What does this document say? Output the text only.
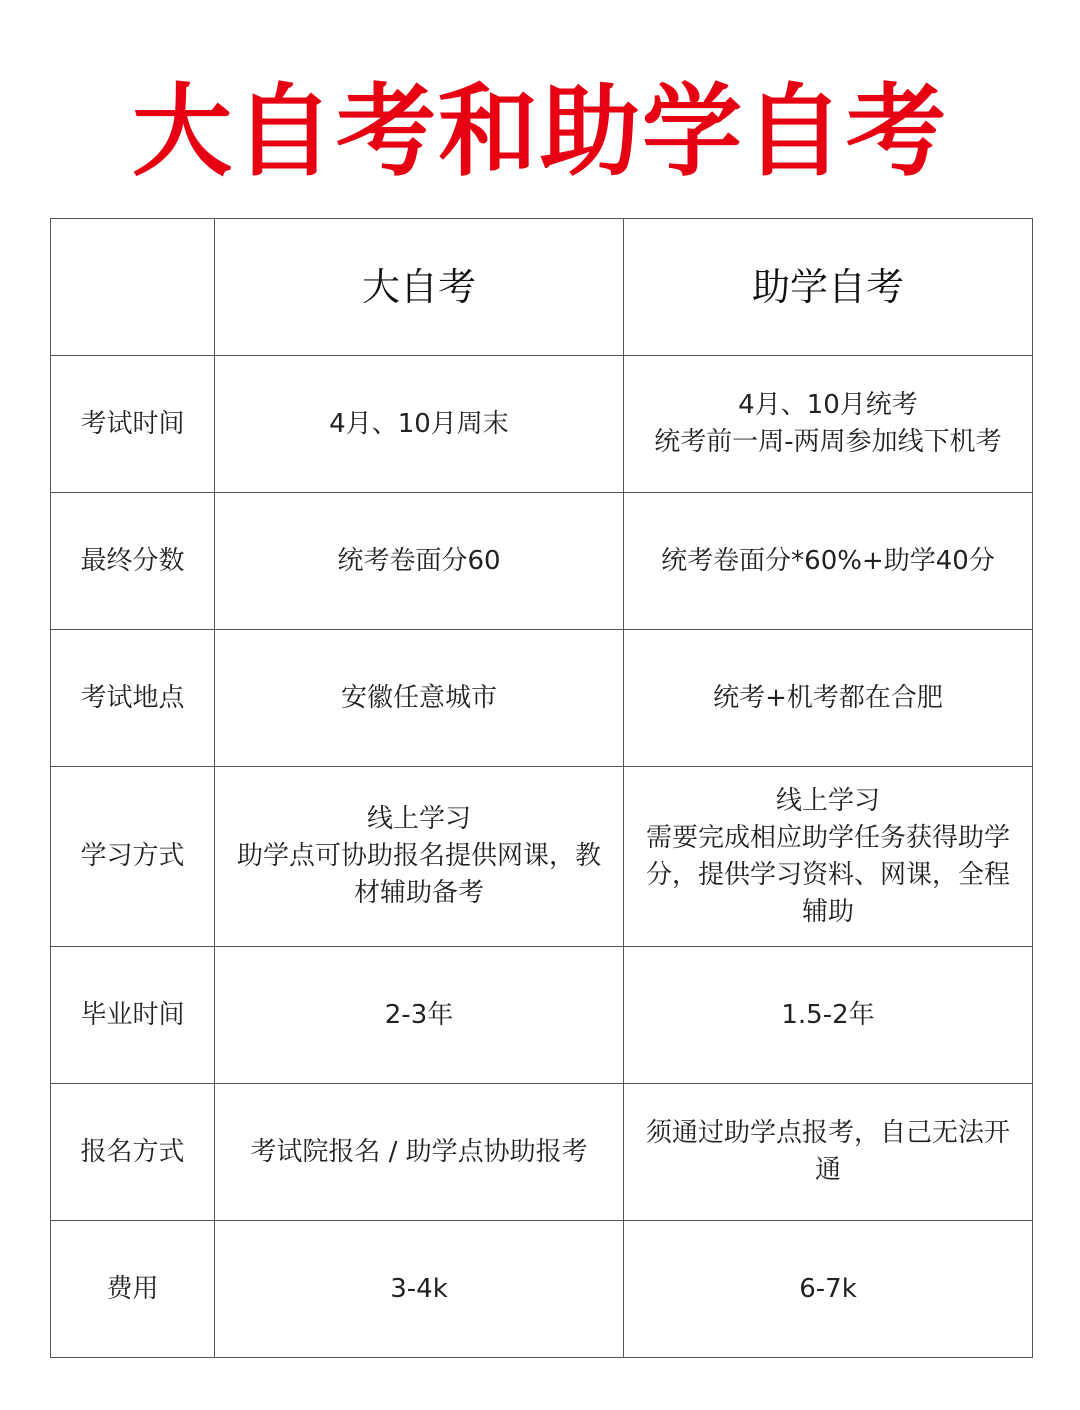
大自考和助学自考
	大自考	助学自考
考试时间	4月、10月周末	4月、10月统考
统考前一周-两周参加线下机考

最终分数	统考卷面分60	统考卷面分*60%+助学40分

考试地点	安徽任意城市	统考+机考都在合肥

学习方式	线上学习
助学点可协助报名提供网课，教材辅助备考	线上学习
需要完成相应助学任务获得助学分，提供学习资料、网课，全程辅助

毕业时间	2-3年	1.5-2年

报名方式	考试院报名 / 助学点协助报考	须通过助学点报考，自己无法开通

费用	3-4k	6-7k
